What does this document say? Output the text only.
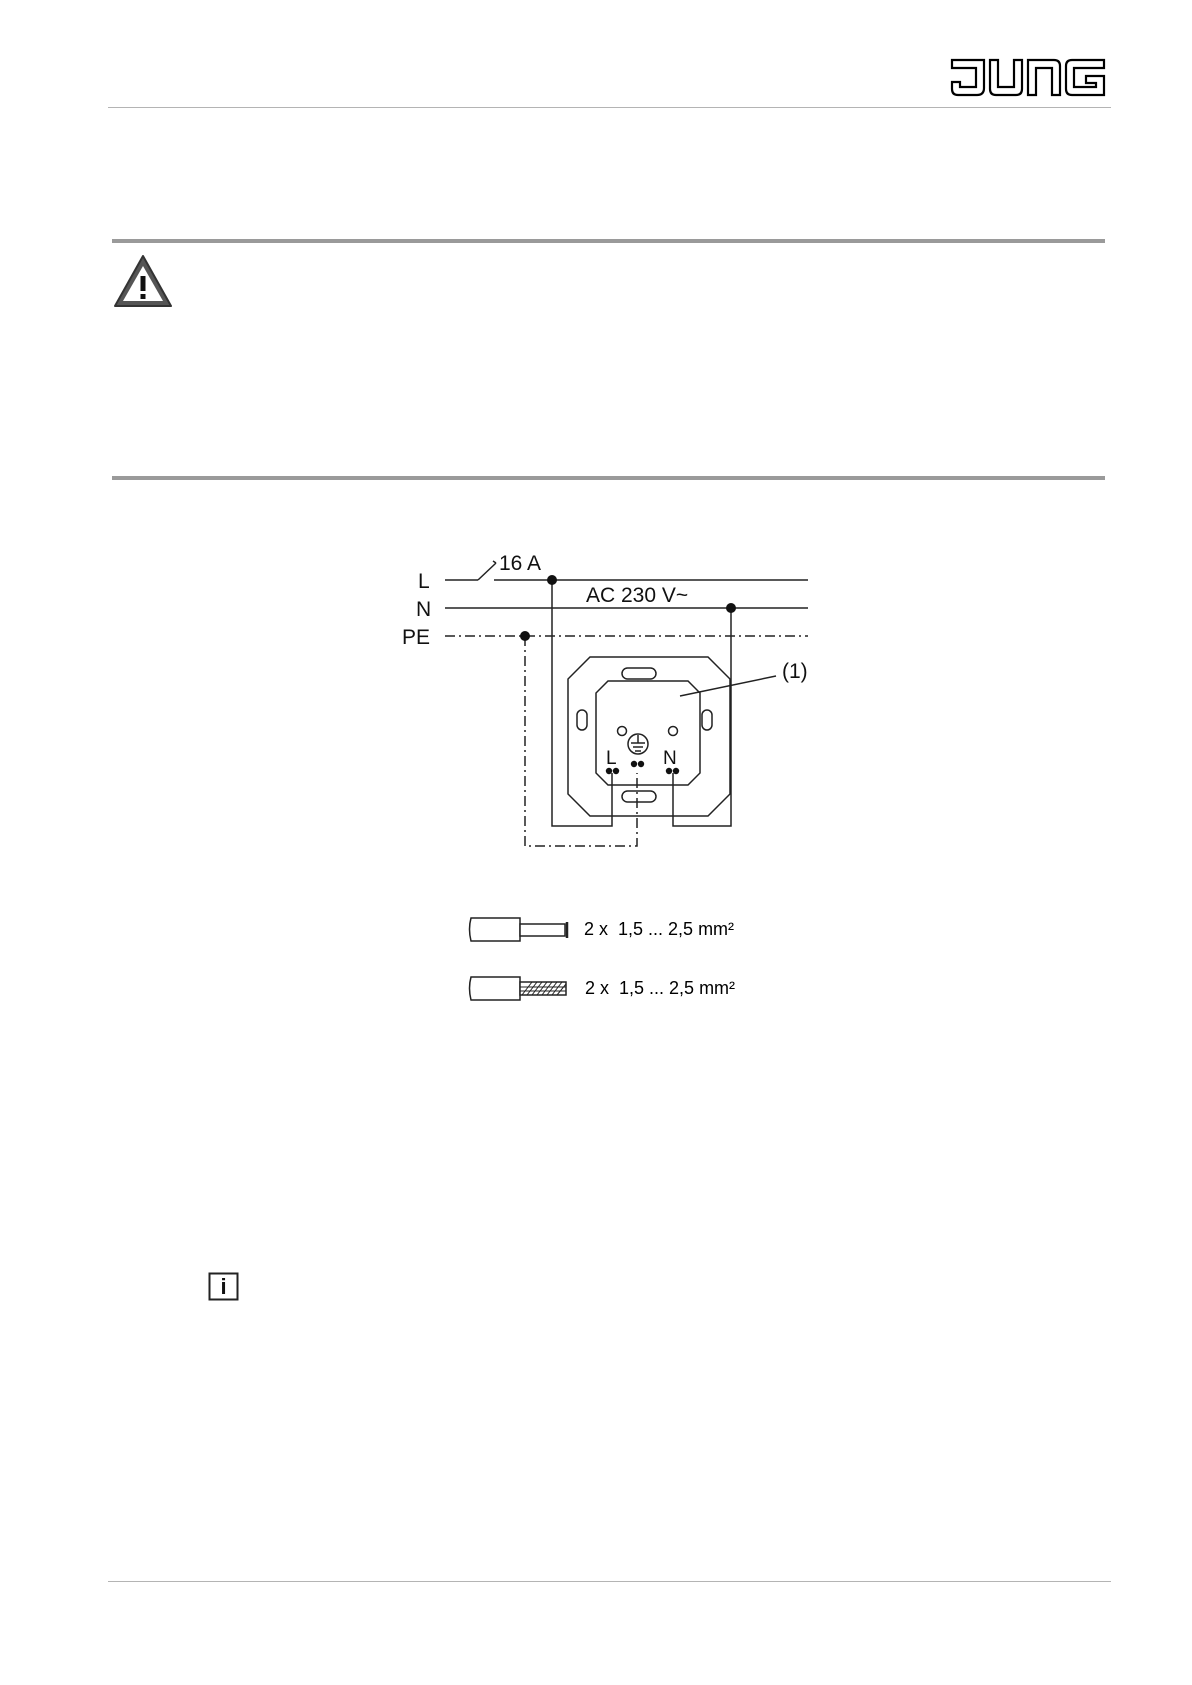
L
N
PE
16 A
AC 230 V~
(1)
L N
2 x  1,5 ... 2,5 mm²
2 x  1,5 ... 2,5 mm²
i
